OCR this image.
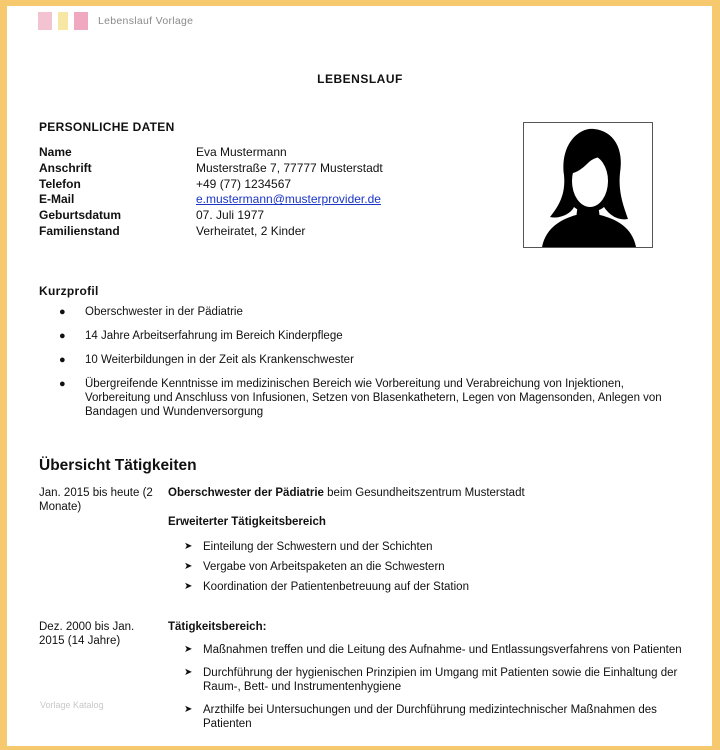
Lebenslauf Vorlage
LEBENSLAUF
PERSONLICHE DATEN
Name	Eva Mustermann
Anschrift	Musterstraße 7, 77777 Musterstadt
Telefon	+49 (77) 1234567
E-Mail	e.mustermann@musterprovider.de
Geburtsdatum	07. Juli 1977
Familienstand	Verheiratet, 2 Kinder
Kurzprofil
● Oberschwester in der Pädiatrie
● 14 Jahre Arbeitserfahrung im Bereich Kinderpflege
● 10 Weiterbildungen in der Zeit als Krankenschwester
● Übergreifende Kenntnisse im medizinischen Bereich wie Vorbereitung und Verabreichung von Injektionen, Vorbereitung und Anschluss von Infusionen, Setzen von Blasenkathetern, Legen von Magensonden, Anlegen von Bandagen und Wundenversorgung
Übersicht Tätigkeiten
Jan. 2015 bis heute (2 Monate)
Oberschwester der Pädiatrie beim Gesundheitszentrum Musterstadt
Erweiterter Tätigkeitsbereich
➤ Einteilung der Schwestern und der Schichten
➤ Vergabe von Arbeitspaketen an die Schwestern
➤ Koordination der Patientenbetreuung auf der Station
Dez. 2000 bis Jan. 2015 (14 Jahre)
Tätigkeitsbereich:
➤ Maßnahmen treffen und die Leitung des Aufnahme- und Entlassungsverfahrens von Patienten
➤ Durchführung der hygienischen Prinzipien im Umgang mit Patienten sowie die Einhaltung der Raum-, Bett- und Instrumentenhygiene
➤ Arzthilfe bei Untersuchungen und der Durchführung medizintechnischer Maßnahmen des Patienten
Vorlage Katalog
